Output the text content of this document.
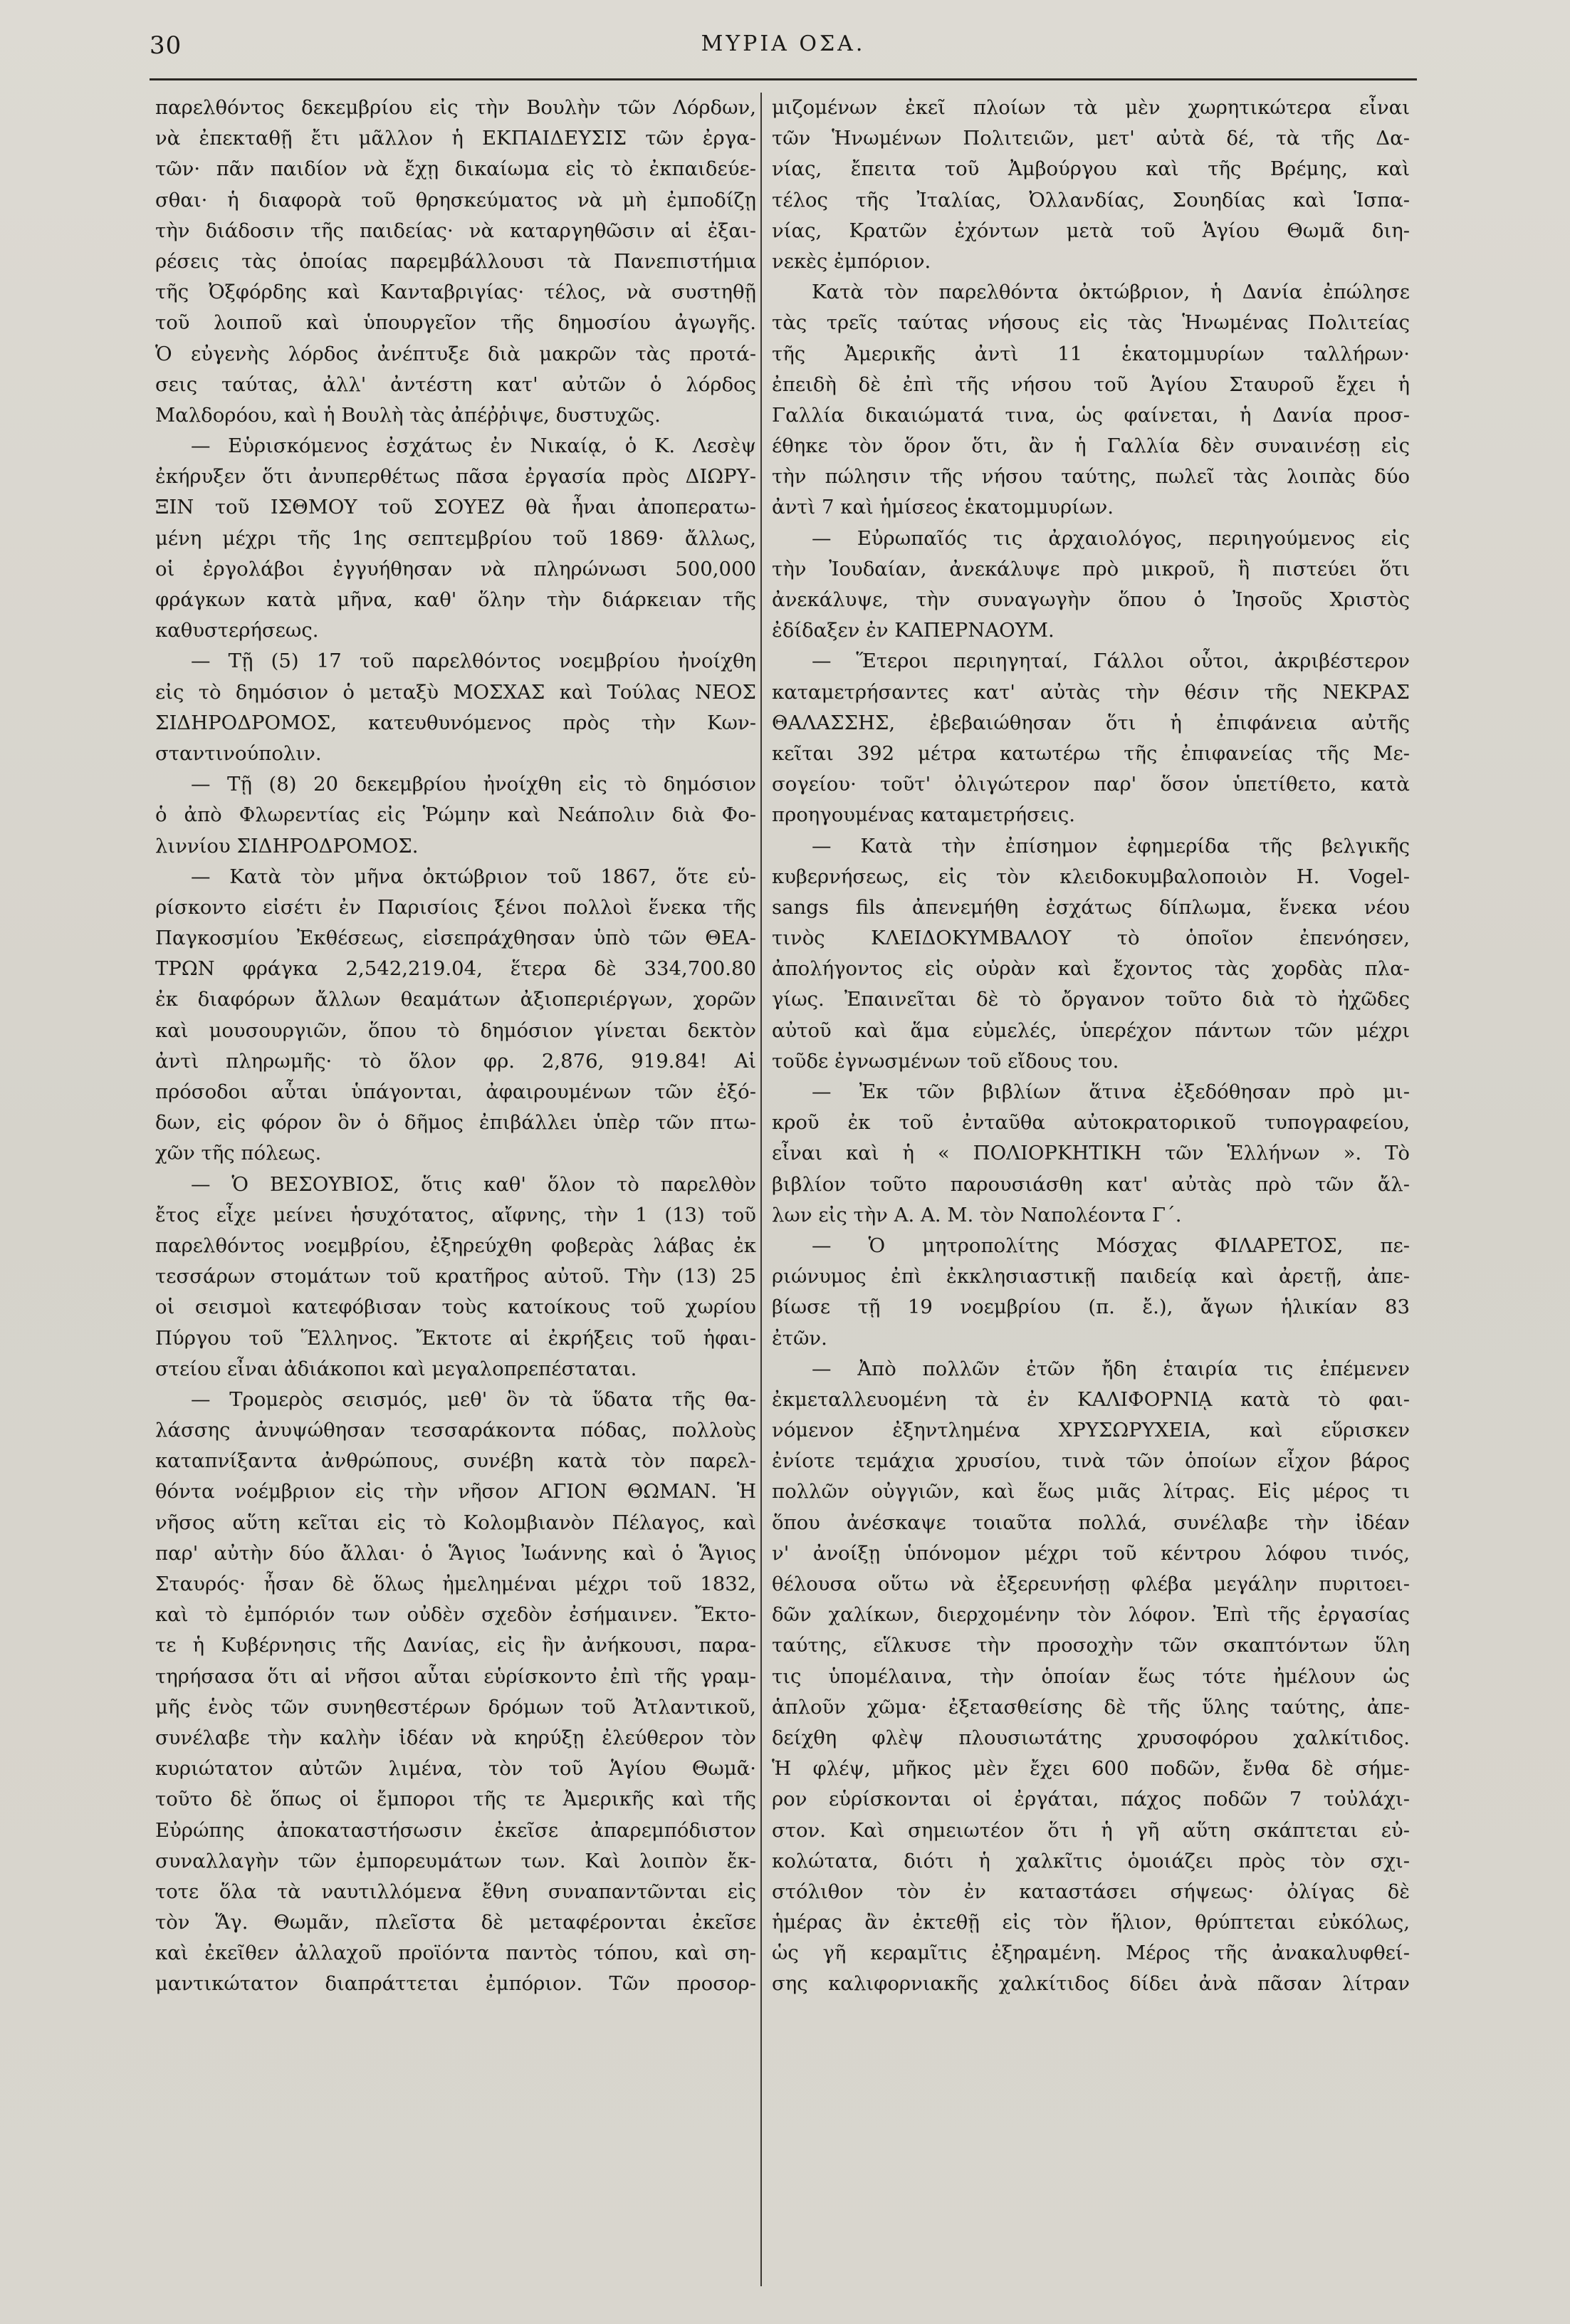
30	ΜΥΡΙΑ ΟΣΑ.
παρελθόντος δεκεμβρίου εἰς τὴν Βουλὴν τῶν Λόρδων,
νὰ ἐπεκταθῇ ἔτι μᾶλλον ἡ ΕΚΠΑΙΔΕΥΣΙΣ τῶν ἐργα-
τῶν· πᾶν παιδίον νὰ ἔχῃ δικαίωμα εἰς τὸ ἐκπαιδεύε-
σθαι· ἡ διαφορὰ τοῦ θρησκεύματος νὰ μὴ ἐμποδίζῃ
τὴν διάδοσιν τῆς παιδείας· νὰ καταργηθῶσιν αἱ ἐξαι-
ρέσεις τὰς ὁποίας παρεμβάλλουσι τὰ Πανεπιστήμια
τῆς Ὀξφόρδης καὶ Κανταβριγίας· τέλος, νὰ συστηθῇ
τοῦ λοιποῦ καὶ ὑπουργεῖον τῆς δημοσίου ἀγωγῆς.
Ὁ εὐγενὴς λόρδος ἀνέπτυξε διὰ μακρῶν τὰς προτά-
σεις ταύτας, ἀλλ' ἀντέστη κατ' αὐτῶν ὁ λόρδος
Μαλδορόου, καὶ ἡ Βουλὴ τὰς ἀπέῤῥιψε, δυστυχῶς.
— Εὑρισκόμενος ἐσχάτως ἐν Νικαίᾳ, ὁ Κ. Λεσὲψ
ἐκήρυξεν ὅτι ἀνυπερθέτως πᾶσα ἐργασία πρὸς ΔΙΩΡΥ-
ΞΙΝ τοῦ ΙΣΘΜΟΥ τοῦ ΣΟΥΕΖ θὰ ἦναι ἀποπερατω-
μένη μέχρι τῆς 1ης σεπτεμβρίου τοῦ 1869· ἄλλως,
οἱ ἐργολάβοι ἐγγυήθησαν νὰ πληρώνωσι 500,000
φράγκων κατὰ μῆνα, καθ' ὅλην τὴν διάρκειαν τῆς
καθυστερήσεως.
— Τῇ (5) 17 τοῦ παρελθόντος νοεμβρίου ἠνοίχθη
εἰς τὸ δημόσιον ὁ μεταξὺ ΜΟΣΧΑΣ καὶ Τούλας ΝΕΟΣ
ΣΙΔΗΡΟΔΡΟΜΟΣ, κατευθυνόμενος πρὸς τὴν Κων-
σταντινούπολιν.
— Τῇ (8) 20 δεκεμβρίου ἠνοίχθη εἰς τὸ δημόσιον
ὁ ἀπὸ Φλωρεντίας εἰς Ῥώμην καὶ Νεάπολιν διὰ Φο-
λιννίου ΣΙΔΗΡΟΔΡΟΜΟΣ.
— Κατὰ τὸν μῆνα ὀκτώβριον τοῦ 1867, ὅτε εὑ-
ρίσκοντο εἰσέτι ἐν Παρισίοις ξένοι πολλοὶ ἕνεκα τῆς
Παγκοσμίου Ἐκθέσεως, εἰσεπράχθησαν ὑπὸ τῶν ΘΕΑ-
ΤΡΩΝ φράγκα 2,542,219.04, ἕτερα δὲ 334,700.80
ἐκ διαφόρων ἄλλων θεαμάτων ἀξιοπεριέργων, χορῶν
καὶ μουσουργιῶν, ὅπου τὸ δημόσιον γίνεται δεκτὸν
ἀντὶ πληρωμῆς· τὸ ὅλον φρ. 2,876, 919.84! Αἱ
πρόσοδοι αὗται ὑπάγονται, ἀφαιρουμένων τῶν ἐξό-
δων, εἰς φόρον ὃν ὁ δῆμος ἐπιβάλλει ὑπὲρ τῶν πτω-
χῶν τῆς πόλεως.
— Ὁ ΒΕΣΟΥΒΙΟΣ, ὅτις καθ' ὅλον τὸ παρελθὸν
ἔτος εἶχε μείνει ἡσυχότατος, αἴφνης, τὴν 1 (13) τοῦ
παρελθόντος νοεμβρίου, ἐξηρεύχθη φοβερὰς λάβας ἐκ
τεσσάρων στομάτων τοῦ κρατῆρος αὐτοῦ. Τὴν (13) 25
οἱ σεισμοὶ κατεφόβισαν τοὺς κατοίκους τοῦ χωρίου
Πύργου τοῦ Ἕλληνος. Ἔκτοτε αἱ ἐκρήξεις τοῦ ἡφαι-
στείου εἶναι ἀδιάκοποι καὶ μεγαλοπρεπέσταται.
— Τρομερὸς σεισμός, μεθ' ὃν τὰ ὕδατα τῆς θα-
λάσσης ἀνυψώθησαν τεσσαράκοντα πόδας, πολλοὺς
καταπνίξαντα ἀνθρώπους, συνέβη κατὰ τὸν παρελ-
θόντα νοέμβριον εἰς τὴν νῆσον ΑΓΙΟΝ ΘΩΜΑΝ. Ἡ
νῆσος αὕτη κεῖται εἰς τὸ Κολομβιανὸν Πέλαγος, καὶ
παρ' αὐτὴν δύο ἄλλαι· ὁ Ἅγιος Ἰωάννης καὶ ὁ Ἅγιος
Σταυρός· ἦσαν δὲ ὅλως ἠμελημέναι μέχρι τοῦ 1832,
καὶ τὸ ἐμπόριόν των οὐδὲν σχεδὸν ἐσήμαινεν. Ἔκτο-
τε ἡ Κυβέρνησις τῆς Δανίας, εἰς ἣν ἀνήκουσι, παρα-
τηρήσασα ὅτι αἱ νῆσοι αὗται εὑρίσκοντο ἐπὶ τῆς γραμ-
μῆς ἑνὸς τῶν συνηθεστέρων δρόμων τοῦ Ἀτλαντικοῦ,
συνέλαβε τὴν καλὴν ἰδέαν νὰ κηρύξῃ ἐλεύθερον τὸν
κυριώτατον αὐτῶν λιμένα, τὸν τοῦ Ἁγίου Θωμᾶ·
τοῦτο δὲ ὅπως οἱ ἔμποροι τῆς τε Ἀμερικῆς καὶ τῆς
Εὐρώπης ἀποκαταστήσωσιν ἐκεῖσε ἀπαρεμπόδιστον
συναλλαγὴν τῶν ἐμπορευμάτων των. Καὶ λοιπὸν ἔκ-
τοτε ὅλα τὰ ναυτιλλόμενα ἔθνη συναπαντῶνται εἰς
τὸν Ἅγ. Θωμᾶν, πλεῖστα δὲ μεταφέρονται ἐκεῖσε
καὶ ἐκεῖθεν ἀλλαχοῦ προϊόντα παντὸς τόπου, καὶ ση-
μαντικώτατον διαπράττεται ἐμπόριον. Τῶν προσορ-
μιζομένων ἐκεῖ πλοίων τὰ μὲν χωρητικώτερα εἶναι
τῶν Ἡνωμένων Πολιτειῶν, μετ' αὐτὰ δέ, τὰ τῆς Δα-
νίας, ἔπειτα τοῦ Ἀμβούργου καὶ τῆς Βρέμης, καὶ
τέλος τῆς Ἰταλίας, Ὀλλανδίας, Σουηδίας καὶ Ἱσπα-
νίας, Κρατῶν ἐχόντων μετὰ τοῦ Ἁγίου Θωμᾶ διη-
νεκὲς ἐμπόριον.
Κατὰ τὸν παρελθόντα ὀκτώβριον, ἡ Δανία ἐπώλησε
τὰς τρεῖς ταύτας νήσους εἰς τὰς Ἡνωμένας Πολιτείας
τῆς Ἀμερικῆς ἀντὶ 11 ἑκατομμυρίων ταλλήρων·
ἐπειδὴ δὲ ἐπὶ τῆς νήσου τοῦ Ἁγίου Σταυροῦ ἔχει ἡ
Γαλλία δικαιώματά τινα, ὡς φαίνεται, ἡ Δανία προσ-
έθηκε τὸν ὅρον ὅτι, ἂν ἡ Γαλλία δὲν συναινέσῃ εἰς
τὴν πώλησιν τῆς νήσου ταύτης, πωλεῖ τὰς λοιπὰς δύο
ἀντὶ 7 καὶ ἡμίσεος ἑκατομμυρίων.
— Εὐρωπαῖός τις ἀρχαιολόγος, περιηγούμενος εἰς
τὴν Ἰουδαίαν, ἀνεκάλυψε πρὸ μικροῦ, ἢ πιστεύει ὅτι
ἀνεκάλυψε, τὴν συναγωγὴν ὅπου ὁ Ἰησοῦς Χριστὸς
ἐδίδαξεν ἐν ΚΑΠΕΡΝΑΟΥΜ.
— Ἕτεροι περιηγηταί, Γάλλοι οὗτοι, ἀκριβέστερον
καταμετρήσαντες κατ' αὐτὰς τὴν θέσιν τῆς ΝΕΚΡΑΣ
ΘΑΛΑΣΣΗΣ, ἐβεβαιώθησαν ὅτι ἡ ἐπιφάνεια αὐτῆς
κεῖται 392 μέτρα κατωτέρω τῆς ἐπιφανείας τῆς Με-
σογείου· τοῦτ' ὀλιγώτερον παρ' ὅσον ὑπετίθετο, κατὰ
προηγουμένας καταμετρήσεις.
— Κατὰ τὴν ἐπίσημον ἐφημερίδα τῆς βελγικῆς
κυβερνήσεως, εἰς τὸν κλειδοκυμβαλοποιὸν Η. Vogel-
sangs fils ἀπενεμήθη ἐσχάτως δίπλωμα, ἕνεκα νέου
τινὸς ΚΛΕΙΔΟΚΥΜΒΑΛΟΥ τὸ ὁποῖον ἐπενόησεν,
ἀπολήγοντος εἰς οὐρὰν καὶ ἔχοντος τὰς χορδὰς πλα-
γίως. Ἐπαινεῖται δὲ τὸ ὄργανον τοῦτο διὰ τὸ ἠχῶδες
αὐτοῦ καὶ ἅμα εὐμελές, ὑπερέχον πάντων τῶν μέχρι
τοῦδε ἐγνωσμένων τοῦ εἴδους του.
— Ἐκ τῶν βιβλίων ἅτινα ἐξεδόθησαν πρὸ μι-
κροῦ ἐκ τοῦ ἐνταῦθα αὐτοκρατορικοῦ τυπογραφείου,
εἶναι καὶ ἡ « ΠΟΛΙΟΡΚΗΤΙΚΗ τῶν Ἑλλήνων ». Τὸ
βιβλίον τοῦτο παρουσιάσθη κατ' αὐτὰς πρὸ τῶν ἄλ-
λων εἰς τὴν Α. Α. Μ. τὸν Ναπολέοντα Γ΄.
— Ὁ μητροπολίτης Μόσχας ΦΙΛΑΡΕΤΟΣ, πε-
ριώνυμος ἐπὶ ἐκκλησιαστικῇ παιδείᾳ καὶ ἀρετῇ, ἀπε-
βίωσε τῇ 19 νοεμβρίου (π. ἔ.), ἄγων ἡλικίαν 83
ἐτῶν.
— Ἀπὸ πολλῶν ἐτῶν ἤδη ἑταιρία τις ἐπέμενεν
ἐκμεταλλευομένη τὰ ἐν ΚΑΛΙΦΟΡΝΙᾼ κατὰ τὸ φαι-
νόμενον ἐξηντλημένα ΧΡΥΣΩΡΥΧΕΙΑ, καὶ εὕρισκεν
ἐνίοτε τεμάχια χρυσίου, τινὰ τῶν ὁποίων εἶχον βάρος
πολλῶν οὐγγιῶν, καὶ ἕως μιᾶς λίτρας. Εἰς μέρος τι
ὅπου ἀνέσκαψε τοιαῦτα πολλά, συνέλαβε τὴν ἰδέαν
ν' ἀνοίξῃ ὑπόνομον μέχρι τοῦ κέντρου λόφου τινός,
θέλουσα οὕτω νὰ ἐξερευνήσῃ φλέβα μεγάλην πυριτοει-
δῶν χαλίκων, διερχομένην τὸν λόφον. Ἐπὶ τῆς ἐργασίας
ταύτης, εἵλκυσε τὴν προσοχὴν τῶν σκαπτόντων ὕλη
τις ὑπομέλαινα, τὴν ὁποίαν ἕως τότε ἠμέλουν ὡς
ἁπλοῦν χῶμα· ἐξετασθείσης δὲ τῆς ὕλης ταύτης, ἀπε-
δείχθη φλὲψ πλουσιωτάτης χρυσοφόρου χαλκίτιδος.
Ἡ φλέψ, μῆκος μὲν ἔχει 600 ποδῶν, ἔνθα δὲ σήμε-
ρον εὑρίσκονται οἱ ἐργάται, πάχος ποδῶν 7 τοὐλάχι-
στον. Καὶ σημειωτέον ὅτι ἡ γῆ αὕτη σκάπτεται εὐ-
κολώτατα, διότι ἡ χαλκῖτις ὁμοιάζει πρὸς τὸν σχι-
στόλιθον τὸν ἐν καταστάσει σήψεως· ὀλίγας δὲ
ἡμέρας ἂν ἐκτεθῇ εἰς τὸν ἥλιον, θρύπτεται εὐκόλως,
ὡς γῆ κεραμῖτις ἐξηραμένη. Μέρος τῆς ἀνακαλυφθεί-
σης καλιφορνιακῆς χαλκίτιδος δίδει ἀνὰ πᾶσαν λίτραν
